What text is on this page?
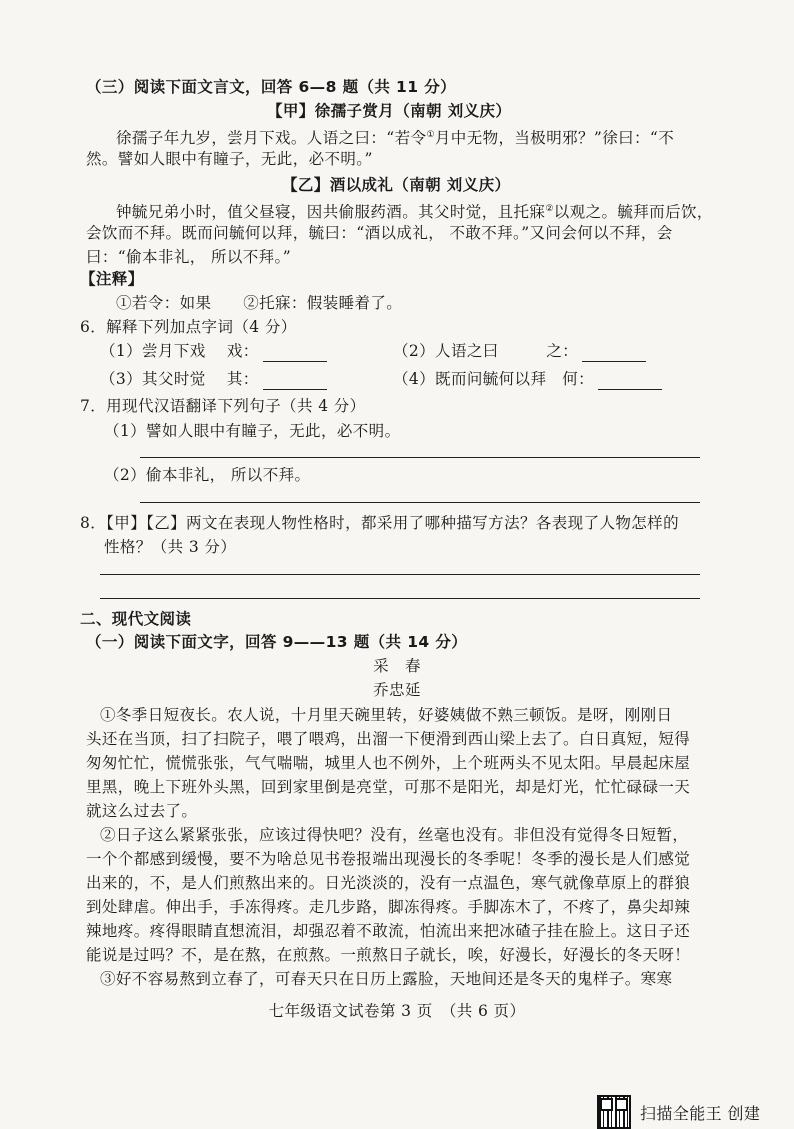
（三）阅读下面文言文，回答 6—8 题（共 11 分）
【甲】徐孺子赏月（南朝 刘义庆）
徐孺子年九岁，尝月下戏。人语之曰：“若令①月中无物，当极明邪？”徐曰：“不
然。譬如人眼中有瞳子，无此，必不明。”
【乙】酒以成礼（南朝 刘义庆）
钟毓兄弟小时，值父昼寝，因共偷服药酒。其父时觉，且托寐②以观之。毓拜而后饮，
会饮而不拜。既而问毓何以拜，毓曰：“酒以成礼， 不敢不拜。”又问会何以不拜，会
曰：“偷本非礼， 所以不拜。”
【注释】
①若令：如果　　②托寐：假装睡着了。
6．解释下列加点字词（4 分）
（1）尝月下戏　 戏：	（2）人语之曰　　　之：
（3）其父时觉　 其：	（4）既而问毓何以拜　何：
7．用现代汉语翻译下列句子（共 4 分）
（1）譬如人眼中有瞳子，无此，必不明。
（2）偷本非礼， 所以不拜。
8．【甲】【乙】两文在表现人物性格时，都采用了哪种描写方法？各表现了人物怎样的
性格？（共 3 分）
二、现代文阅读
（一）阅读下面文字，回答 9——13 题（共 14 分）
采　春
乔忠延
①冬季日短夜长。农人说，十月里天碗里转，好婆姨做不熟三顿饭。是呀，刚刚日
头还在当顶，扫了扫院子，喂了喂鸡，出溜一下便滑到西山梁上去了。白日真短，短得
匆匆忙忙，慌慌张张，气气喘喘，城里人也不例外，上个班两头不见太阳。早晨起床屋
里黑，晚上下班外头黑，回到家里倒是亮堂，可那不是阳光，却是灯光，忙忙碌碌一天
就这么过去了。
②日子这么紧紧张张，应该过得快吧？没有，丝毫也没有。非但没有觉得冬日短暂，
一个个都感到缓慢，要不为啥总见书卷报端出现漫长的冬季呢！冬季的漫长是人们感觉
出来的，不，是人们煎熬出来的。日光淡淡的，没有一点温色，寒气就像草原上的群狼
到处肆虐。伸出手，手冻得疼。走几步路，脚冻得疼。手脚冻木了，不疼了，鼻尖却辣
辣地疼。疼得眼睛直想流泪，却强忍着不敢流，怕流出来把冰碴子挂在脸上。这日子还
能说是过吗？不，是在熬，在煎熬。一煎熬日子就长，唉，好漫长，好漫长的冬天呀！
③好不容易熬到立春了，可春天只在日历上露脸，天地间还是冬天的鬼样子。寒寒
七年级语文试卷第 3 页　（共 6 页）
扫描全能王 创建
